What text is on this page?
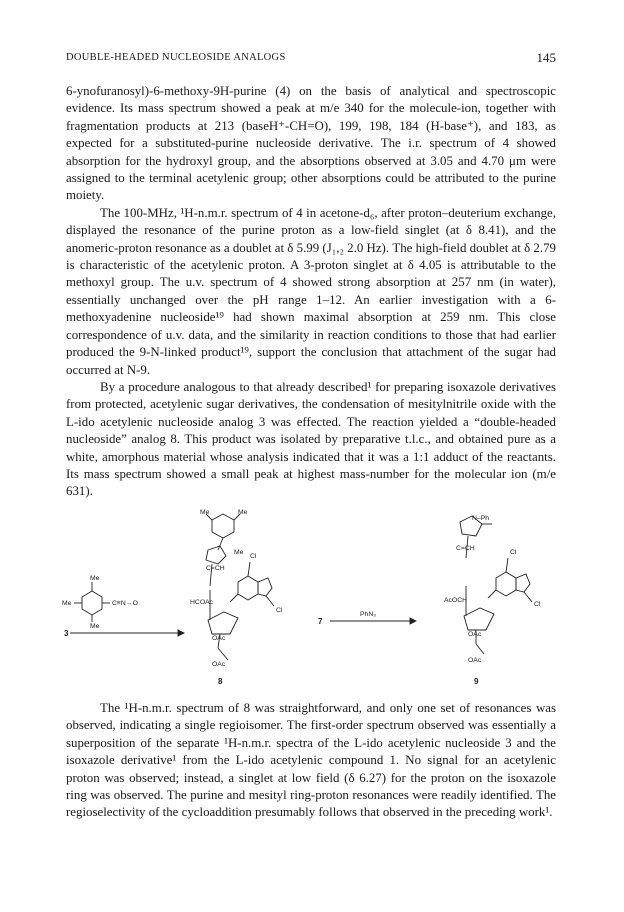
DOUBLE-HEADED NUCLEOSIDE ANALOGS	145

6-ynofuranosyl)-6-methoxy-9H-purine (4) on the basis of analytical and spectroscopic evidence. Its mass spectrum showed a peak at m/e 340 for the molecule-ion, together with fragmentation products at 213 (baseH⁺-CH=O), 199, 198, 184 (H-base⁺), and 183, as expected for a substituted-purine nucleoside derivative. The i.r. spectrum of 4 showed absorption for the hydroxyl group, and the absorptions observed at 3.05 and 4.70 μm were assigned to the terminal acetylenic group; other absorptions could be attributed to the purine moiety.

The 100-MHz, ¹H-n.m.r. spectrum of 4 in acetone-d₆, after proton–deuterium exchange, displayed the resonance of the purine proton as a low-field singlet (at δ 8.41), and the anomeric-proton resonance as a doublet at δ 5.99 (J₁,₂ 2.0 Hz). The high-field doublet at δ 2.79 is characteristic of the acetylenic proton. A 3-proton singlet at δ 4.05 is attributable to the methoxyl group. The u.v. spectrum of 4 showed strong absorption at 257 nm (in water), essentially unchanged over the pH range 1–12. An earlier investigation with a 6-methoxyadenine nucleoside¹⁹ had shown maximal absorption at 259 nm. This close correspondence of u.v. data, and the similarity in reaction conditions to those that had earlier produced the 9-N-linked product¹⁹, support the conclusion that attachment of the sugar had occurred at N-9.

By a procedure analogous to that already described¹ for preparing isoxazole derivatives from protected, acetylenic sugar derivatives, the condensation of mesitylnitrile oxide with the L-ido acetylenic nucleoside analog 3 was effected. The reaction yielded a “double-headed nucleoside” analog 8. This product was isolated by preparative t.l.c., and obtained pure as a white, amorphous material whose analysis indicated that it was a 1:1 adduct of the reactants. Its mass spectrum showed a small peak at highest mass-number for the molecular ion (m/e 631).

Me	Me
Me
Me
Me
Me
C≡N→O
Cl
Cl
HCOAc
C=CH
OAc
OAc
N–Ph
C=CH
Cl
Cl
AcOCH
OAc
OAc
PhN₃
3
7
8	9

The ¹H-n.m.r. spectrum of 8 was straightforward, and only one set of resonances was observed, indicating a single regioisomer. The first-order spectrum observed was essentially a superposition of the separate ¹H-n.m.r. spectra of the L-ido acetylenic nucleoside 3 and the isoxazole derivative¹ from the L-ido acetylenic compound 1. No signal for an acetylenic proton was observed; instead, a singlet at low field (δ 6.27) for the proton on the isoxazole ring was observed. The purine and mesityl ring-proton resonances were readily identified. The regioselectivity of the cycloaddition presumably follows that observed in the preceding work¹.
